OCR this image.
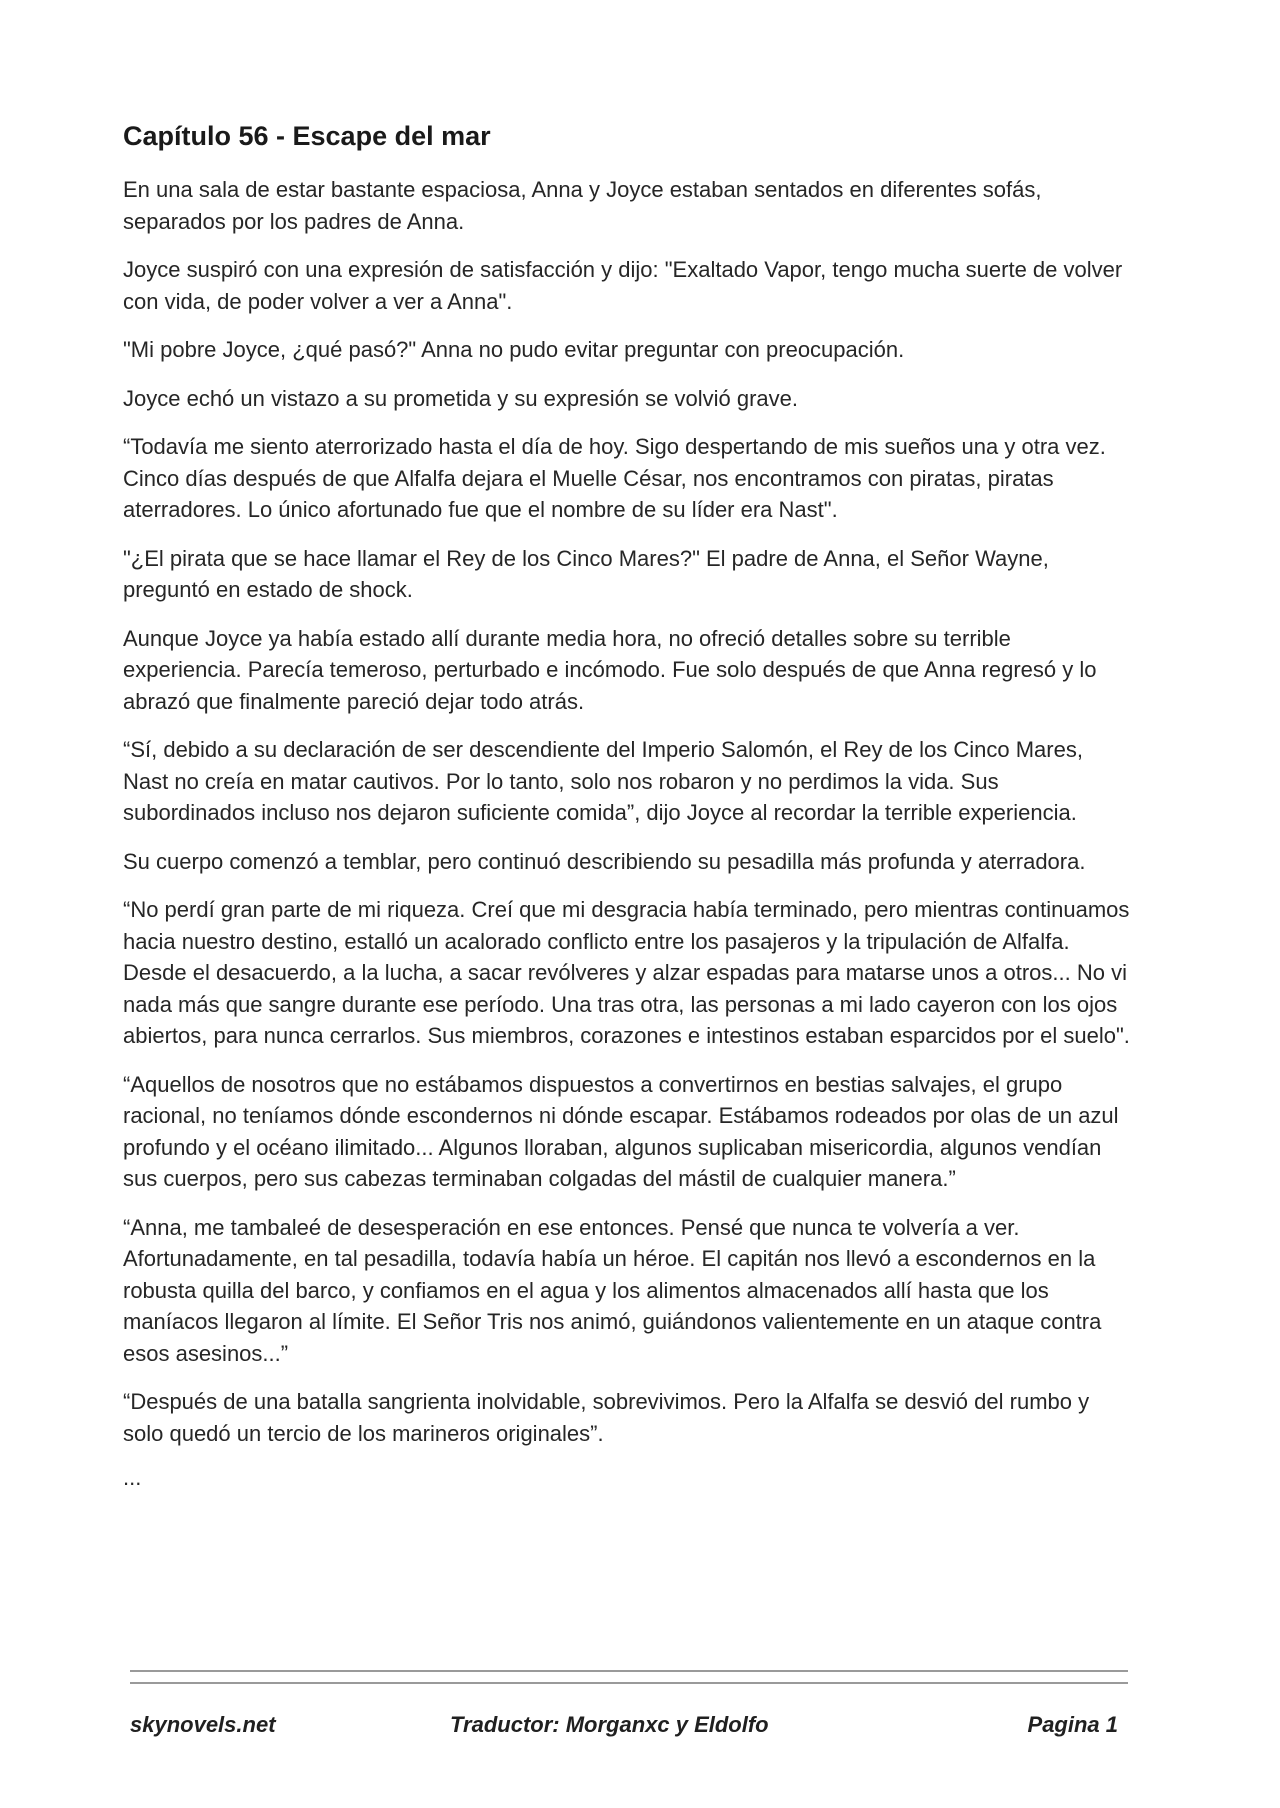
Capítulo 56 - Escape del mar

En una sala de estar bastante espaciosa, Anna y Joyce estaban sentados en diferentes sofás, separados por los padres de Anna.

Joyce suspiró con una expresión de satisfacción y dijo: "Exaltado Vapor, tengo mucha suerte de volver con vida, de poder volver a ver a Anna".

"Mi pobre Joyce, ¿qué pasó?" Anna no pudo evitar preguntar con preocupación.

Joyce echó un vistazo a su prometida y su expresión se volvió grave.

“Todavía me siento aterrorizado hasta el día de hoy. Sigo despertando de mis sueños una y otra vez. Cinco días después de que Alfalfa dejara el Muelle César, nos encontramos con piratas, piratas aterradores. Lo único afortunado fue que el nombre de su líder era Nast".

"¿El pirata que se hace llamar el Rey de los Cinco Mares?" El padre de Anna, el Señor Wayne, preguntó en estado de shock.

Aunque Joyce ya había estado allí durante media hora, no ofreció detalles sobre su terrible experiencia. Parecía temeroso, perturbado e incómodo. Fue solo después de que Anna regresó y lo abrazó que finalmente pareció dejar todo atrás.

“Sí, debido a su declaración de ser descendiente del Imperio Salomón, el Rey de los Cinco Mares, Nast no creía en matar cautivos. Por lo tanto, solo nos robaron y no perdimos la vida. Sus subordinados incluso nos dejaron suficiente comida”, dijo Joyce al recordar la terrible experiencia.

Su cuerpo comenzó a temblar, pero continuó describiendo su pesadilla más profunda y aterradora.

“No perdí gran parte de mi riqueza. Creí que mi desgracia había terminado, pero mientras continuamos hacia nuestro destino, estalló un acalorado conflicto entre los pasajeros y la tripulación de Alfalfa. Desde el desacuerdo, a la lucha, a sacar revólveres y alzar espadas para matarse unos a otros... No vi nada más que sangre durante ese período. Una tras otra, las personas a mi lado cayeron con los ojos abiertos, para nunca cerrarlos. Sus miembros, corazones e intestinos estaban esparcidos por el suelo".

“Aquellos de nosotros que no estábamos dispuestos a convertirnos en bestias salvajes, el grupo racional, no teníamos dónde escondernos ni dónde escapar. Estábamos rodeados por olas de un azul profundo y el océano ilimitado... Algunos lloraban, algunos suplicaban misericordia, algunos vendían sus cuerpos, pero sus cabezas terminaban colgadas del mástil de cualquier manera.”

“Anna, me tambaleé de desesperación en ese entonces. Pensé que nunca te volvería a ver. Afortunadamente, en tal pesadilla, todavía había un héroe. El capitán nos llevó a escondernos en la robusta quilla del barco, y confiamos en el agua y los alimentos almacenados allí hasta que los maníacos llegaron al límite. El Señor Tris nos animó, guiándonos valientemente en un ataque contra esos asesinos...”

“Después de una batalla sangrienta inolvidable, sobrevivimos. Pero la Alfalfa se desvió del rumbo y solo quedó un tercio de los marineros originales”.

...

skynovels.net	Traductor: Morganxc y Eldolfo	Pagina 1
